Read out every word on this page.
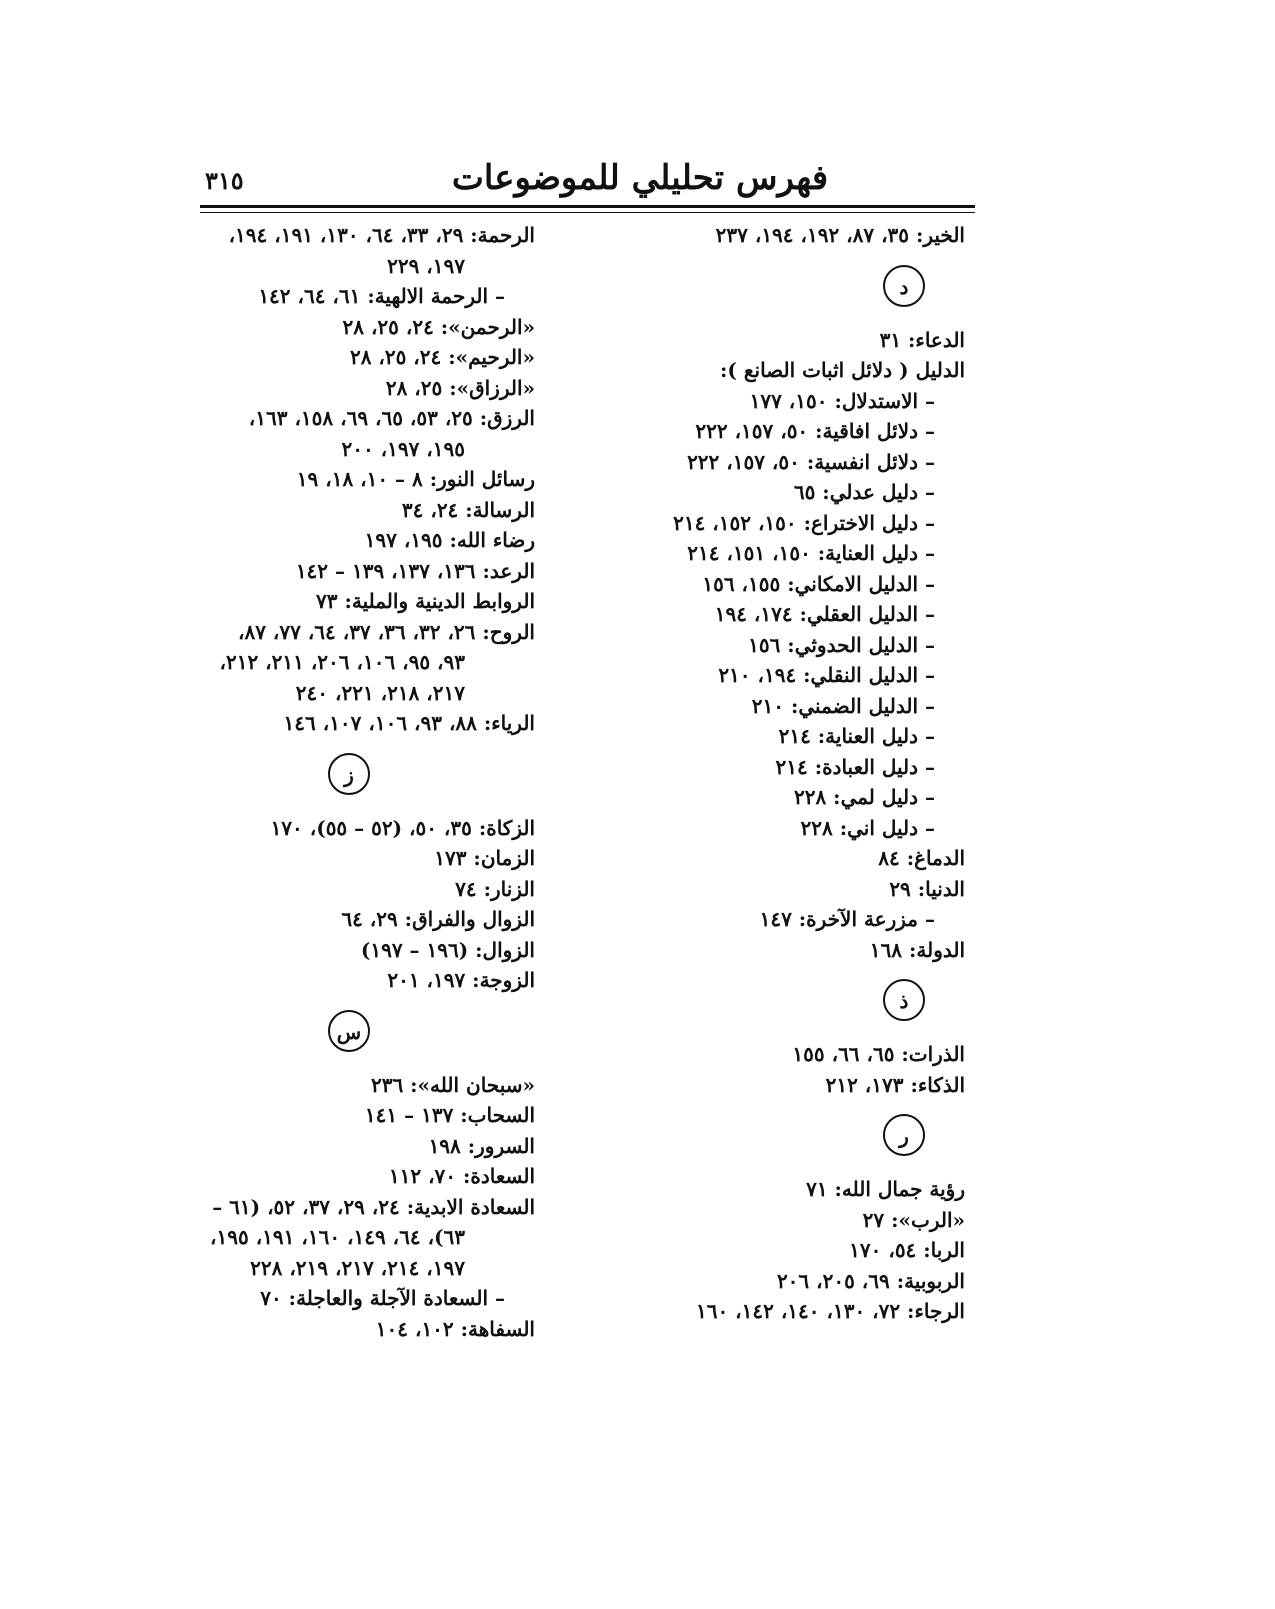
فهرس تحليلي للموضوعات
٣١٥
الخير: ٣٥، ٨٧، ١٩٢، ١٩٤، ٢٣٧
د
الدعاء: ٣١
الدليل ( دلائل اثبات الصانع ):
– الاستدلال: ١٥٠، ١٧٧
– دلائل افاقية: ٥٠، ١٥٧، ٢٢٢
– دلائل انفسية: ٥٠، ١٥٧، ٢٢٢
– دليل عدلي: ٦٥
– دليل الاختراع: ١٥٠، ١٥٢، ٢١٤
– دليل العناية: ١٥٠، ١٥١، ٢١٤
– الدليل الامكاني: ١٥٥، ١٥٦
– الدليل العقلي: ١٧٤، ١٩٤
– الدليل الحدوثي: ١٥٦
– الدليل النقلي: ١٩٤، ٢١٠
– الدليل الضمني: ٢١٠
– دليل العناية: ٢١٤
– دليل العبادة: ٢١٤
– دليل لمي: ٢٢٨
– دليل اني: ٢٢٨
الدماغ: ٨٤
الدنيا: ٢٩
– مزرعة الآخرة: ١٤٧
الدولة: ١٦٨
ذ
الذرات: ٦٥، ٦٦، ١٥٥
الذكاء: ١٧٣، ٢١٢
ر
رؤية جمال الله: ٧١
«الرب»: ٢٧
الربا: ٥٤، ١٧٠
الربوبية: ٦٩، ٢٠٥، ٢٠٦
الرجاء: ٧٢، ١٣٠، ١٤٠، ١٤٢، ١٦٠
الرحمة: ٢٩، ٣٣، ٦٤، ١٣٠، ١٩١، ١٩٤،
١٩٧، ٢٢٩
– الرحمة الالهية: ٦١، ٦٤، ١٤٢
«الرحمن»: ٢٤، ٢٥، ٢٨
«الرحيم»: ٢٤، ٢٥، ٢٨
«الرزاق»: ٢٥، ٢٨
الرزق: ٢٥، ٥٣، ٦٥، ٦٩، ١٥٨، ١٦٣،
١٩٥، ١٩٧، ٢٠٠
رسائل النور: ٨ – ١٠، ١٨، ١٩
الرسالة: ٢٤، ٣٤
رضاء الله: ١٩٥، ١٩٧
الرعد: ١٣٦، ١٣٧، ١٣٩ – ١٤٢
الروابط الدينية والملية: ٧٣
الروح: ٢٦، ٣٢، ٣٦، ٣٧، ٦٤، ٧٧، ٨٧،
٩٣، ٩٥، ١٠٦، ٢٠٦، ٢١١، ٢١٢،
٢١٧، ٢١٨، ٢٢١، ٢٤٠
الرياء: ٨٨، ٩٣، ١٠٦، ١٠٧، ١٤٦
ز
الزكاة: ٣٥، ٥٠، (٥٢ – ٥٥)، ١٧٠
الزمان: ١٧٣
الزنار: ٧٤
الزوال والفراق: ٢٩، ٦٤
الزوال: (١٩٦ – ١٩٧)
الزوجة: ١٩٧، ٢٠١
س
«سبحان الله»: ٢٣٦
السحاب: ١٣٧ – ١٤١
السرور: ١٩٨
السعادة: ٧٠، ١١٢
السعادة الابدية: ٢٤، ٢٩، ٣٧، ٥٢، (٦١ –
٦٣)، ٦٤، ١٤٩، ١٦٠، ١٩١، ١٩٥،
١٩٧، ٢١٤، ٢١٧، ٢١٩، ٢٢٨
– السعادة الآجلة والعاجلة: ٧٠
السفاهة: ١٠٢، ١٠٤
